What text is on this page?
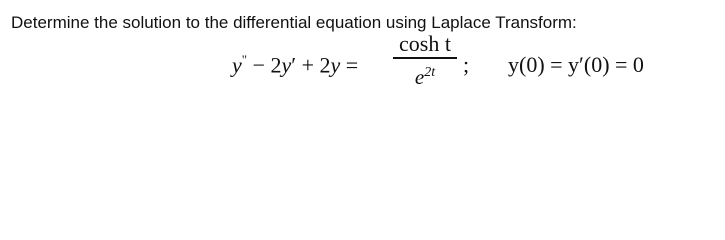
Determine the solution to the differential equation using Laplace Transform:
y" − 2y′ + 2y =
cosh t
$e^{2t}$ ; y(0) = y′(0) = 0
